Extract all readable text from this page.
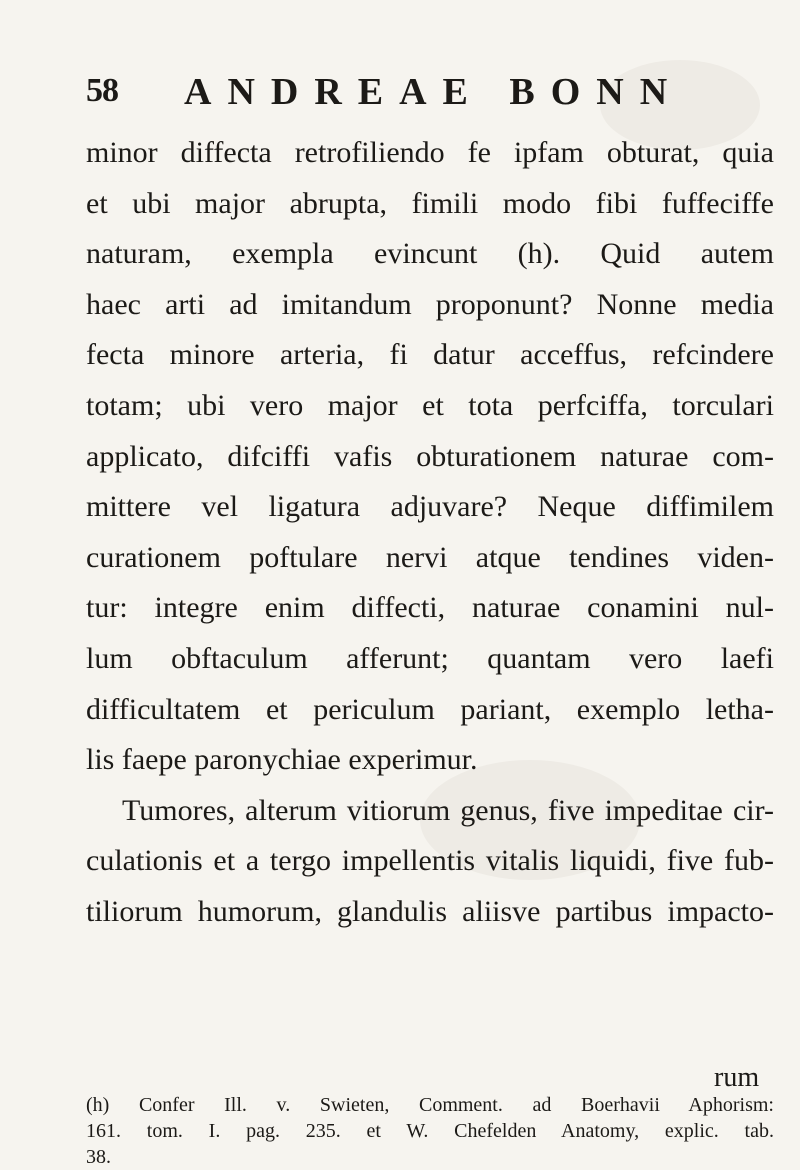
58 ANDREAE BONN
minor diffecta retrofiliendo fe ipfam obturat, quia
et ubi major abrupta, fimili modo fibi fuffeciffe
naturam, exempla evincunt (h). Quid autem
haec arti ad imitandum proponunt? Nonne media
fecta minore arteria, fi datur acceffus, refcindere
totam; ubi vero major et tota perfciffa, torculari
applicato, difciffi vafis obturationem naturae com-
mittere vel ligatura adjuvare? Neque diffimilem
curationem poftulare nervi atque tendines viden-
tur: integre enim diffecti, naturae conamini nul-
lum obftaculum afferunt; quantam vero laefi
difficultatem et periculum pariant, exemplo letha-
lis faepe paronychiae experimur.
Tumores, alterum vitiorum genus, five impeditae cir-
culationis et a tergo impellentis vitalis liquidi, five fub-
tiliorum humorum, glandulis aliisve partibus impacto-
rum
(h) Confer Ill. v. Swieten, Comment. ad Boerhavii Aphorism:
161. tom. I. pag. 235. et W. Chefelden Anatomy, explic. tab.
38.
